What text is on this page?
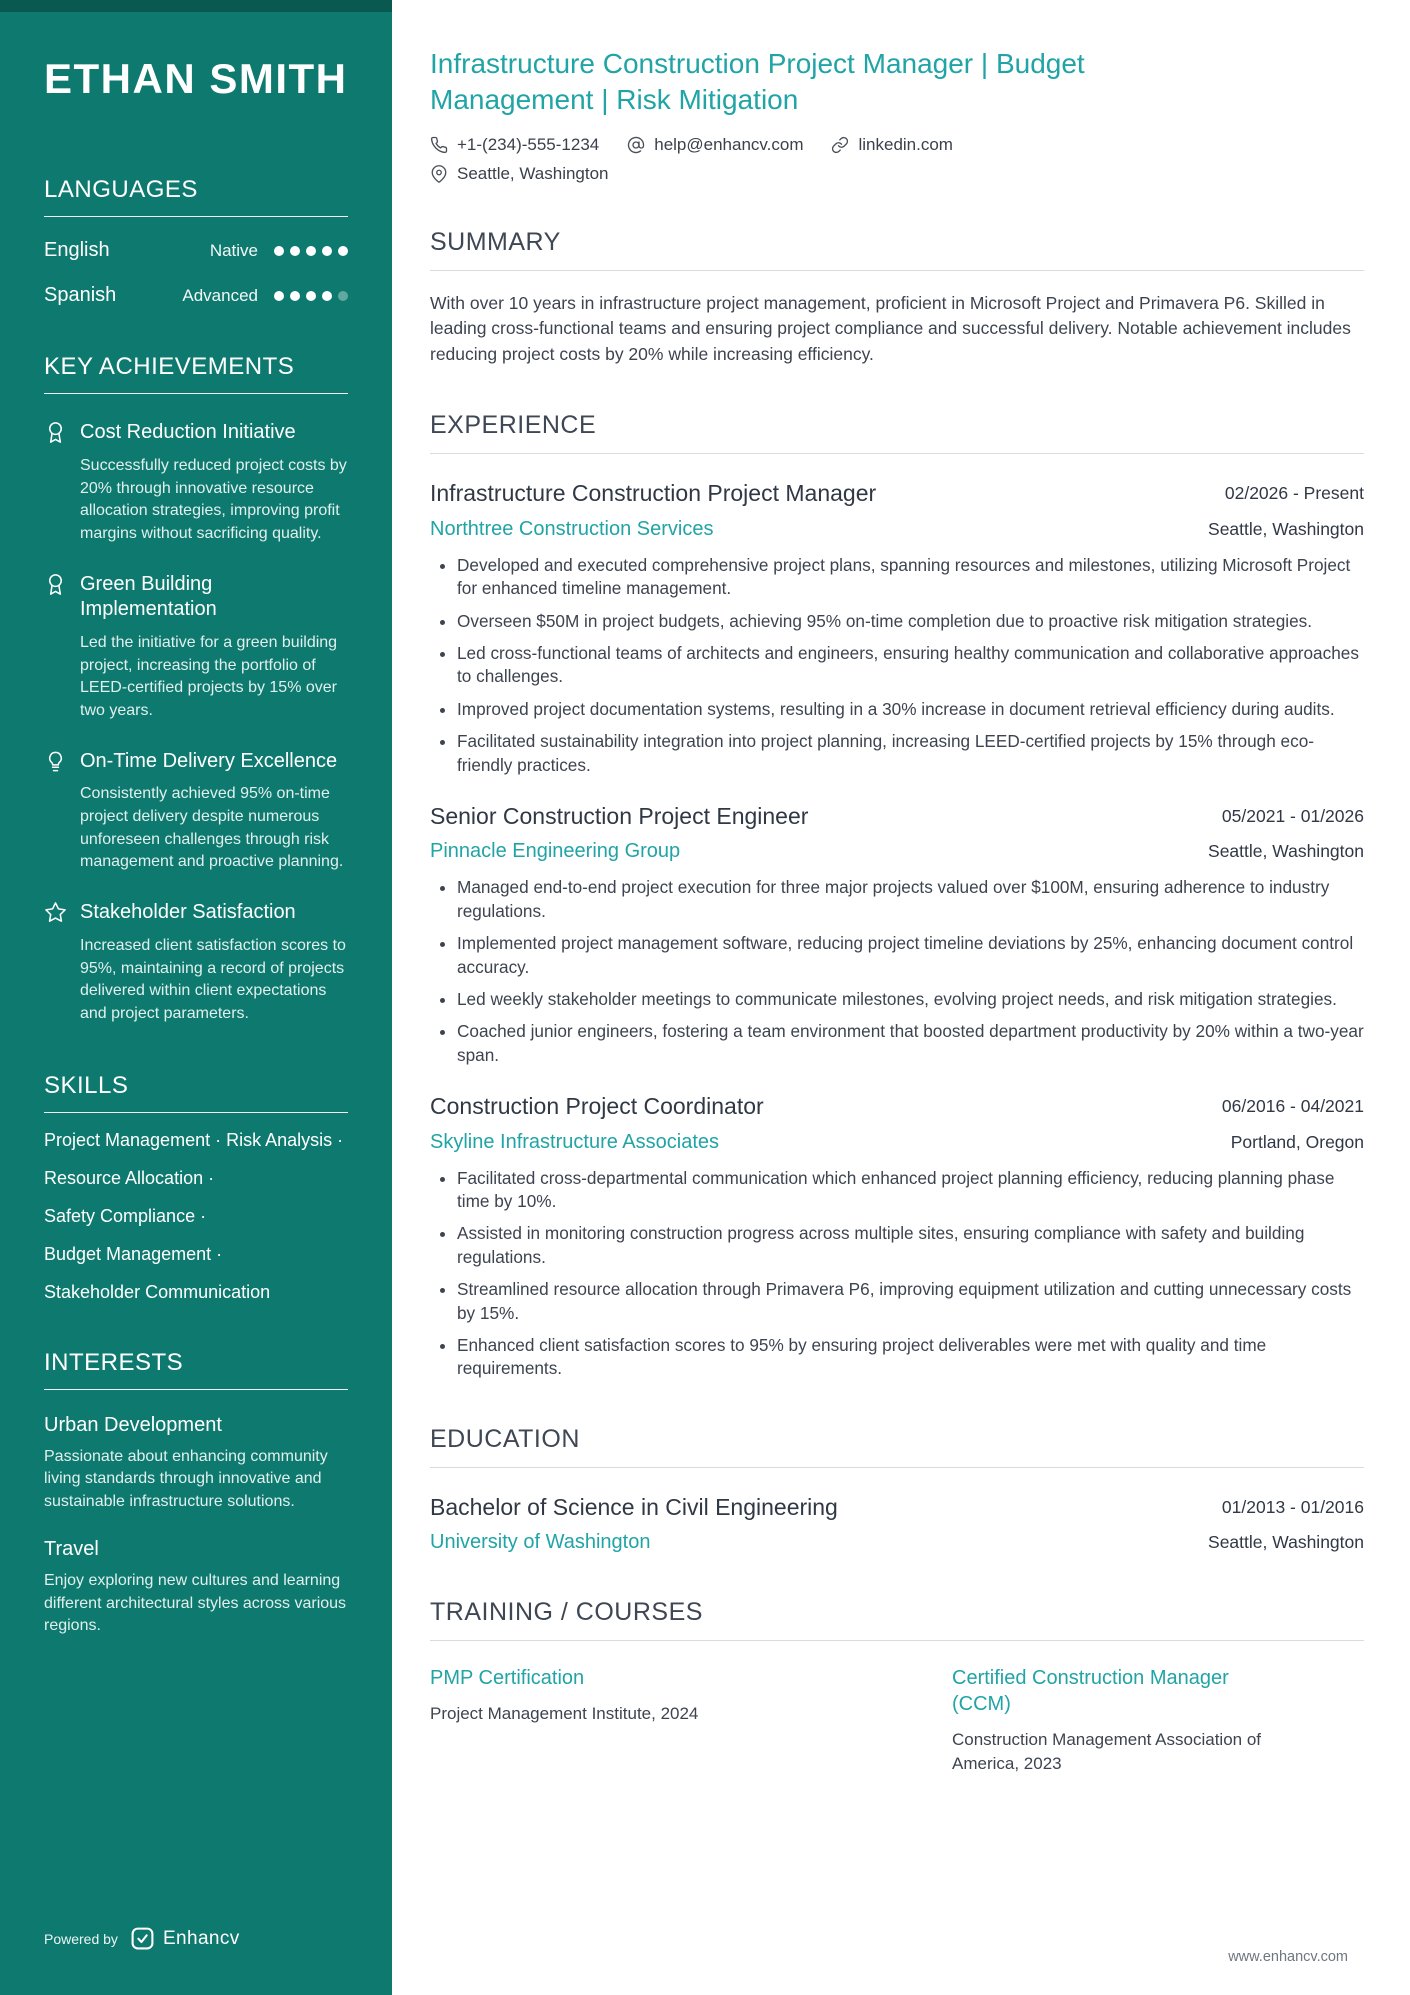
ETHAN SMITH
LANGUAGES
English	Native
Spanish	Advanced
KEY ACHIEVEMENTS
Cost Reduction Initiative
Successfully reduced project costs by 20% through innovative resource allocation strategies, improving profit margins without sacrificing quality.
Green Building Implementation
Led the initiative for a green building project, increasing the portfolio of LEED-certified projects by 15% over two years.
On-Time Delivery Excellence
Consistently achieved 95% on-time project delivery despite numerous unforeseen challenges through risk management and proactive planning.
Stakeholder Satisfaction
Increased client satisfaction scores to 95%, maintaining a record of projects delivered within client expectations and project parameters.
SKILLS
Project Management · Risk Analysis ·
Resource Allocation ·
Safety Compliance ·
Budget Management ·
Stakeholder Communication
INTERESTS
Urban Development
Passionate about enhancing community living standards through innovative and sustainable infrastructure solutions.
Travel
Enjoy exploring new cultures and learning different architectural styles across various regions.
Powered by Enhancv
Infrastructure Construction Project Manager | Budget Management | Risk Mitigation
+1-(234)-555-1234	help@enhancv.com	linkedin.com
Seattle, Washington
SUMMARY

With over 10 years in infrastructure project management, proficient in Microsoft Project and Primavera P6. Skilled in leading cross-functional teams and ensuring project compliance and successful delivery. Notable achievement includes reducing project costs by 20% while increasing efficiency.

EXPERIENCE
Infrastructure Construction Project Manager	02/2026 - Present
Northtree Construction Services	Seattle, Washington
• Developed and executed comprehensive project plans, spanning resources and milestones, utilizing Microsoft Project for enhanced timeline management.
• Overseen $50M in project budgets, achieving 95% on-time completion due to proactive risk mitigation strategies.
• Led cross-functional teams of architects and engineers, ensuring healthy communication and collaborative approaches to challenges.
• Improved project documentation systems, resulting in a 30% increase in document retrieval efficiency during audits.
• Facilitated sustainability integration into project planning, increasing LEED-certified projects by 15% through eco-friendly practices.
Senior Construction Project Engineer	05/2021 - 01/2026
Pinnacle Engineering Group	Seattle, Washington
• Managed end-to-end project execution for three major projects valued over $100M, ensuring adherence to industry regulations.
• Implemented project management software, reducing project timeline deviations by 25%, enhancing document control accuracy.
• Led weekly stakeholder meetings to communicate milestones, evolving project needs, and risk mitigation strategies.
• Coached junior engineers, fostering a team environment that boosted department productivity by 20% within a two-year span.
Construction Project Coordinator	06/2016 - 04/2021
Skyline Infrastructure Associates	Portland, Oregon
• Facilitated cross-departmental communication which enhanced project planning efficiency, reducing planning phase time by 10%.
• Assisted in monitoring construction progress across multiple sites, ensuring compliance with safety and building regulations.
• Streamlined resource allocation through Primavera P6, improving equipment utilization and cutting unnecessary costs by 15%.
• Enhanced client satisfaction scores to 95% by ensuring project deliverables were met with quality and time requirements.
EDUCATION
Bachelor of Science in Civil Engineering	01/2013 - 01/2016
University of Washington	Seattle, Washington
TRAINING / COURSES
PMP Certification
Project Management Institute, 2024
Certified Construction Manager (CCM)
Construction Management Association of America, 2023
www.enhancv.com
